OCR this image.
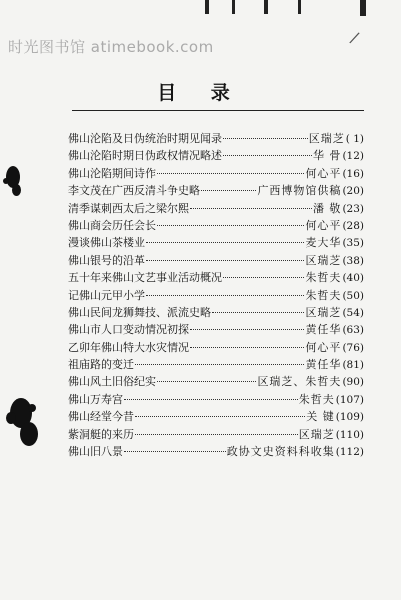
时光图书馆 atimebook.com	/
目 录
佛山沦陷及日伪统治时期见闻录	区瑞芝 ( 1)
佛山沦陷时期日伪政权情况略述	华 骨 (12)
佛山沦陷期间诗作	何心平 (16)
李文茂在广西反清斗争史略	广西博物馆供稿 (20)
清季谋刺西太后之梁尔熙	潘 敬 (23)
佛山商会历任会长	何心平 (28)
漫谈佛山茶楼业	麦大华 (35)
佛山银号的沿革	区瑞芝 (38)
五十年来佛山文艺事业活动概况	朱哲夫 (40)
记佛山元甲小学	朱哲夫 (50)
佛山民间龙狮舞技、派流史略	区瑞芝 (54)
佛山市人口变动情况初探	黄任华 (63)
乙卯年佛山特大水灾情况	何心平 (76)
祖庙路的变迁	黄任华 (81)
佛山风土旧俗纪实	区瑞芝、朱哲夫 (90)
佛山万寿宫	朱哲夫 (107)
佛山经堂今昔	关 键 (109)
紫洞艇的来历	区瑞芝 (110)
佛山旧八景	政协文史资料科收集 (112)
